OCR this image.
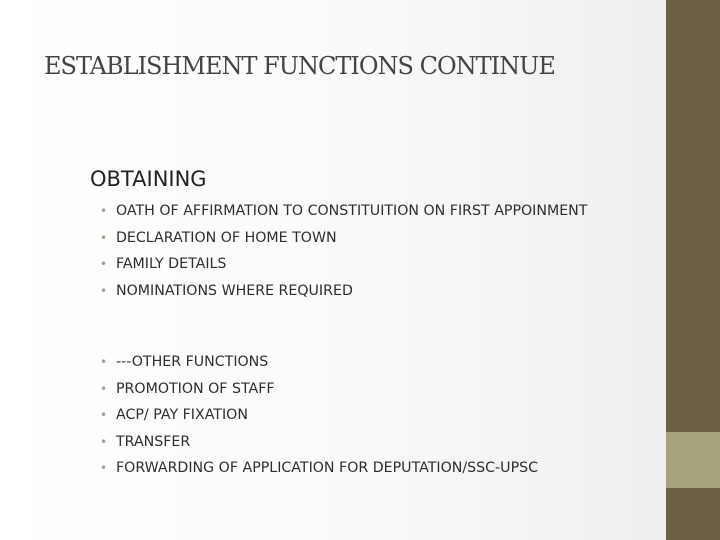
ESTABLISHMENT FUNCTIONS CONTINUE
OBTAINING
• OATH OF AFFIRMATION TO CONSTITUITION ON FIRST APPOINMENT
• DECLARATION OF HOME TOWN
• FAMILY DETAILS
• NOMINATIONS WHERE REQUIRED
• ---OTHER FUNCTIONS
• PROMOTION OF STAFF
• ACP/ PAY FIXATION
• TRANSFER
• FORWARDING OF APPLICATION FOR DEPUTATION/SSC-UPSC
